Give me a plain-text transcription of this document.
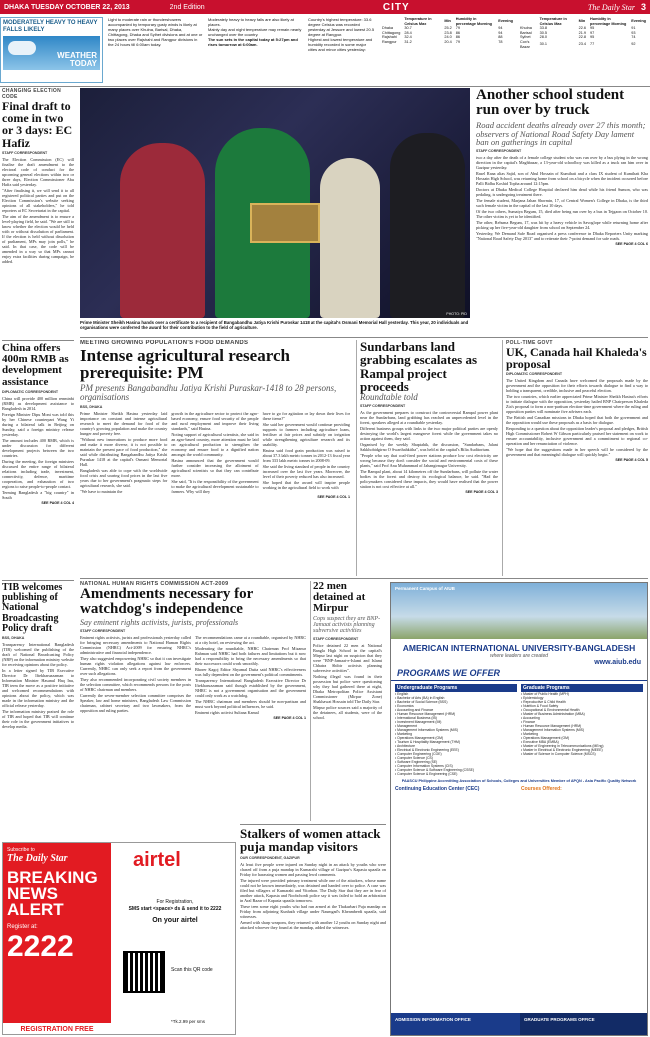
DHAKA TUESDAY OCTOBER 22, 2013	2nd Edition	CITY	The Daily Star 3
MODERATELY HEAVY TO HEAVY FALLS LIKELY
WEATHER TODAY
Light to moderate rain or thundershowers accompanied by temporary gusty winds is likely at many places over Khulna, Barisal, Dhaka, Chittagong, Dhaka and Sylhet divisions and at one or two places over Rajshahi and Rangpur divisions in the 24 hours till 6:00am today.
Moderately heavy to heavy falls are also likely at places.
Mainly day and night temperature may remain nearly unchanged over the country.
The sun sets in the capital today at 5:27pm and rises tomorrow at 6:00am.
Country's highest temperature: 33.6 degree Celsius was recorded yesterday at Jessore and lowest 20.5 degree at Rangpur.
Highest and lowest temperature and humidity recorded in some major cities and minor cities yesterday:
	Temperature in Celsius Max	Min	Humidity in percentage Morning	Evening
Dhaka	30.7	25.2	79	94
Chittagong	28.4	23.8	86	94
Rajshahi	32.4	24.0	86	88
Rangpur	31.2	20.4	79	78
	Temperature in Celsius Max	Min	Humidity in percentage Morning	Evening
Khulna	33.8	22.6	95	91
Barisal	30.5	21.9	97	93
Sylhet	28.0	22.8	95	74
Cox's Bazar	30.1	23.4	77	92
CHANGING ELECTION CODE
Final draft to come in two or 3 days: EC Hafiz
STAFF CORRESPONDENT

The Election Commission (EC) will finalise the draft amendment to the electoral code of conduct for the upcoming general elections within two or three days, Election Commissioner Abu Hafiz said yesterday.

"After finalising it, we will send it to all registered political parties and put on the Election Commission's website seeking opinions of all stakeholders," he told reporters at EC Secretariat in the capital.

The aim of the amendment is to ensure a level-playing field, he said. "We are still to know whether the election would be held with or without dissolution of parliament. If the election is held without dissolution of parliament, MPs may join polls," he said. In that case, the code will be amended in a way so that MPs cannot enjoy extra facilities during campaign, he added.

China offers 400m RMB as development assistance
DIPLOMATIC CORRESPONDENT

China will provide 400 million renminbi (RMB) as development assistance to Bangladesh in 2014.

Foreign Minister Dipu Moni was told this by her Chinese counterpart Wang Yi during a bilateral talk in Beijing on Sunday, said a foreign ministry release yesterday.

The amount includes 400 RMB, which is under discussion for different development projects between the two countries.

During the meeting, the foreign ministers discussed the entire range of bilateral relations including trade, investment, connectivity, defence, maritime cooperation, and exhaustion of two regions to raise people-to-people contact.

Terming Bangladesh a "big country" in South

SEE PAGE 4 COL 4
TIB welcomes publishing of National Broadcasting Policy draft
BSS, DHAKA

Transparency International Bangladesh (TIB) welcomed the publishing of the draft of National Broadcasting Policy (NBP) on the information ministry website for receiving opinions about the policy.

In a letter signed by TIB Executive Director Dr Iftekharuzzaman to Information Minister Hasanul Haq Inu, TIB term the move as a positive initiative and welcomed recommendations with opinions about the policy, which was made in the information ministry and the official release yesterday.

The information ministry praised the role of TIB and hoped that TIB will continue their role in the government initiatives to develop media.

PHOTO: PID
Prime Minister Sheikh Hasina hands over a certificate to a recipient of Bangabandhu Jatiya Krishi Puroskar 1418 at the capital's Osmani Memorial Hall yesterday. This year, 20 individuals and organisations were conferred the award for their contribution to the field of agriculture.
Another school student run over by truck
Road accident deaths already over 27 this month; observers of National Road Safety Day lament ban on gatherings in capital
STAFF CORRESPONDENT

two a day after the death of a female college student who was run over by a bus plying in the wrong direction in the capital's Maghbazar, a 13-year-old schoolboy was killed as a truck ran him over in Gazipur yesterday.

Rasel Rana alias Sajid, son of Abul Hossain of Kumihati and a class IX student of Kumihati Kha Hossain High School, was returning home from school on a bicycle when the incident occurred before Palli Bidhu Koshid Topha around 12:15pm.

Doctors at Dhaka Medical College Hospital declared him dead while his friend Sumon, who was pedaling, is undergoing treatment there.

The female student, Marjana Jahan Shormin, 17, of Central Women's College in Dhaka, is the third such female victim in the capital of the last 10 days.

Of the two others, Sumaiya Begum, 15, died after being run over by a bus in Tejgaon on October 10. The other victim is yet to be identified.

The other, Rehsma Begum, 17, was hit by a heavy vehicle in Savoglope while returning home after picking up her five-year-old daughter from school on September 24.

Yesterday, We Demand Safe Road organised a press conference in Dhaka Reporters Unity marking "National Road Safety Day 2013" and to reiterate their 7-point demand for safe roads.

SEE PAGE 4 COL 6
MEETING GROWING POPULATION'S FOOD DEMANDS
Intense agricultural research prerequisite: PM
PM presents Bangabandhu Jatiya Krishi Puraskar-1418 to 28 persons, organisations
BSS, DHAKA

Prime Minister Sheikh Hasina yesterday laid importance on constant and intense agricultural research to meet the demand for food of the country's growing population and make the country hunger and poverty free.

"Without new innovations to produce more food and make it more diverse, it is not possible to maintain the present pace of food production," she said while distributing Bangabandhu Jatiya Krishi Puraskar 1418 at the capital's Osmani Memorial Hall.

Bangladesh was able to cope with the worldwide food crisis and soaring food prices in the last five years due to her government's pragmatic steps for agricultural research, she said.

"We have to maintain the

growth in the agriculture sector to protect the agro-based economy, ensure food security of the people and rural employment and improve their living standards," said Hasina.

Noting support of agricultural scientists, she said in an agro-based country, more attention must be laid on agricultural production to strengthen the economy and ensure food to a dignified nation amongst the world community.

Hasina announced that the government would further consider increasing the allotment of agricultural scientists so that they can contribute more.

She said, "It is the responsibility of the government to make the agricultural development sustainable to farmers. Why will they

have to go for agitation or lay down their lives for these items?"

She said her government would continue providing supports to farmers including agriculture loans, fertiliser at fair prices and subsidy on irrigation while strengthening agriculture research and its usability.

Hasina said food grain production was raised to about 37.3 lakh metric tonnes in 2012-13 fiscal year from 333 lakh metric tonnes in 2008-09.

She said the living standard of people in the country increased over the last five years. Moreover, the level of their poverty reduced has also increased.

She hoped that the award will inspire people working in the agricultural field to work with

SEE PAGE 4 COL 1
Sundarbans land grabbing escalates as Rampal project proceeds
Roundtable told
STAFF CORRESPONDENT

As the government prepares to construct the controversial Rampal power plant near the Sundarbans, land grabbing has reached an unprecedented level in the forest, speakers alleged at a roundtable yesterday.

Different business groups with links to the two major political parties are openly destroying the world's largest mangrove forest while the government takes no action against them, they said.

Organised by the weekly Shaptahik, the discussion, "Sundarbans, Jalani Sakkhobidgirno O Swarthahkitha", was held at the capital's Bilia Auditorium.

"People who say that coal-fired power stations produce low cost electricity are wrong because they don't consider the social and environmental costs of these plants," said Prof Anu Muhammad of Jahangirnagar University.

The Rampal plant, about 14 kilometres off the Sundarbans, will pollute the water bodies in the forest and destroy its ecological balance, he said. "Had the policymakers considered these impacts, they would have realised that the power station is not cost effective at all."

SEE PAGE 4 COL 3
POLL-TIME GOVT
UK, Canada hail Khaleda's proposal
DIPLOMATIC CORRESPONDENT

The United Kingdom and Canada have welcomed the proposals made by the government and the opposition for their efforts towards dialogue to find a way to holding a transparent, credible, inclusive and peaceful election.

The two countries, which earlier appreciated Prime Minister Sheikh Hasina's efforts to initiate dialogue with the opposition, yesterday hailed BNP Chairperson Khaleda Zia's proposal to form a non-partisan election-time government where the ruling and opposition parties will nominate five advisers each.

The British and Canadian missions in Dhaka hoped that both the government and the opposition would use these proposals as a basis for dialogue.

Responding to a question about the opposition leader's proposal and pledges, British High Commissioner Robert W Gibson particularly praised her statement on work to ensure accountability, inclusive government and a commitment to regional co-operation and her renunciation of violence.

"We hope that the suggestions made in her speech will be considered by the government and that meaningful dialogue will quickly begin."

SEE PAGE 4 COL 5
NATIONAL HUMAN RIGHTS COMMISSION ACT-2009
Amendments necessary for watchdog's independence
Say eminent rights activists, jurists, professionals
STAFF CORRESPONDENT

Eminent rights activists, jurists and professionals yesterday called for bringing necessary amendments to National Human Rights Commission (NHRC) Act-2009 for ensuring NHRC's administrative and financial independence.

They also suggested empowering NHRC so that it can investigate human rights violation allegations against law enforcers. Currently, NHRC can only seek a report from the government over such allegations.

They also recommended incorporating civil society members in the selection committee, which recommends persons for the posts of NHRC chairman and members.

Currently the seven-member selection committee comprises the Speaker, law and home ministers, Bangladesh Law Commission chairman, cabinet secretary and two lawmakers, from the opposition and ruling parties.

The recommendations came at a roundtable, organised by NHRC at a city hotel, on reviewing the act.

Moderating the roundtable, NHRC Chairman Prof Mizanur Rahman said NHRC had both failures and limitations but it now had a responsibility to bring the necessary amendments so that their successors could work smoothly.

Bhorer Kagoj Editor Shyamal Dutta said NHRC's effectiveness was fully dependent on the government's political commitments.

Transparency International Bangladesh Executive Director Dr Iftekharuzzaman said though established by the government, NHRC is not a government organisation and the government could only work as a watchdog.

The NHRC chairman and members should be non-partisan and must work beyond political influences, he said.

Eminent rights activist Sultana Kamal

SEE PAGE 4 COL 1
22 men detained at Mirpur
Cops suspect they are BNP-Jamaat activists planning subversive activities
STAFF CORRESPONDENT

Police detained 22 men at National Bangla High School in the capital's Mirpur last night on suspicion that they were "BNP-Jamaat-e-Islami and Islami Chhatra Shibir activists planning subversive activities".

Nothing illegal was found in their possession but police were questioning why they had gathered there at night, Dhaka Metropolitan Police Assistant Commissioner (Mirpur Zone) Shakhawat Hossain told The Daily Star.

Mirpur police sources said a majority of the detainees, all students, were of the school.

Stalkers of women attack puja mandap visitors
OUR CORRESPONDENT, GAZIPUR

At least five people were injured on Sunday night in an attack by youths who were chased off from a puja mandap in Kumarahi village of Gazipur's Kapasia upazila on Friday for harassing women and passing lewd comments.

The injured were provided primary treatment while one of the attackers, whose name could not be known immediately, was detained and handed over to police. A case was filed but villagers of Kumarahi and Vitorbon. The Daily Star that they are in fear of another attack, Kapasia and Noobchordi police say it was failed to hold an arbitration in Aral Bazar of Kapasia upazila tomorrow.

These teen some eight youths who had run armed at the Thakurbari Puja mandap on Friday from adjoining Kunhath village under Naumgad's Kheamberdi upazila, said witnesses.

Armed with sharp weapons, they returned with another 12 youths on Sunday night and attacked whoever they found at the mandap, added the witnesses.

Subscribe to
The Daily Star
BREAKING NEWS ALERT
Register at:
2222
REGISTRATION FREE
airtel
For Registration,
SMS start <space> ds & send it to 2222
On your airtel
Scan this QR code
*Tk.2.99 per sms
Permanent Campus of AIUB
AMERICAN INTERNATIONAL UNIVERSITY-BANGLADESH
where leaders are created
www.aiub.edu
PROGRAMS WE OFFER
Undergraduate Programs
• English
• Bachelor of Arts (BA) in English
• Bachelor of Social Science (BSS)
• Economics
• Accounting and Finance
• Human Resource Management (HRM)
• International Business (IB)
• Investment Management (IM)
• Management
• Management Information Systems (MIS)
• Marketing
• Operations Management (OM)
• Tourism & Hospitality Management (THM)
• Architecture
• Electrical & Electronic Engineering (EEE)
• Computer Engineering (COE)
• Computer Science (CS)
• Software Engineering (SE)
• Computer Information Systems (CIS)
• Computer Science & Software Engineering (CSSE)
• Computer Science & Engineering (CSE)
Graduate Programs
• Master of Public Health (MPH)
• Epidemiology
• Reproductive & Child Health
• Nutrition & Food Safety
• Occupational & Environmental Health
• Master of Business Administration (MBA)
• Accounting
• Finance
• Human Resource Management (HRM)
• Management Information Systems (MIS)
• Marketing
• Operations Management (OM)
• Executive MBA (EMBA)
• Master of Engineering in Telecommunications (MEng)
• Master in Electrical & Electronic Engineering (MEEE)
• Master of Science in Computer Science (MSCS)
PAASCU Philippine Accrediting Association of Schools, Colleges and Universities Member of APQN - Asia Pacific Quality Network
Continuing Education Center (CEC)	Courses Offered:
ADMISSION INFORMATION OFFICE	GRADUATE PROGRAMS OFFICE
